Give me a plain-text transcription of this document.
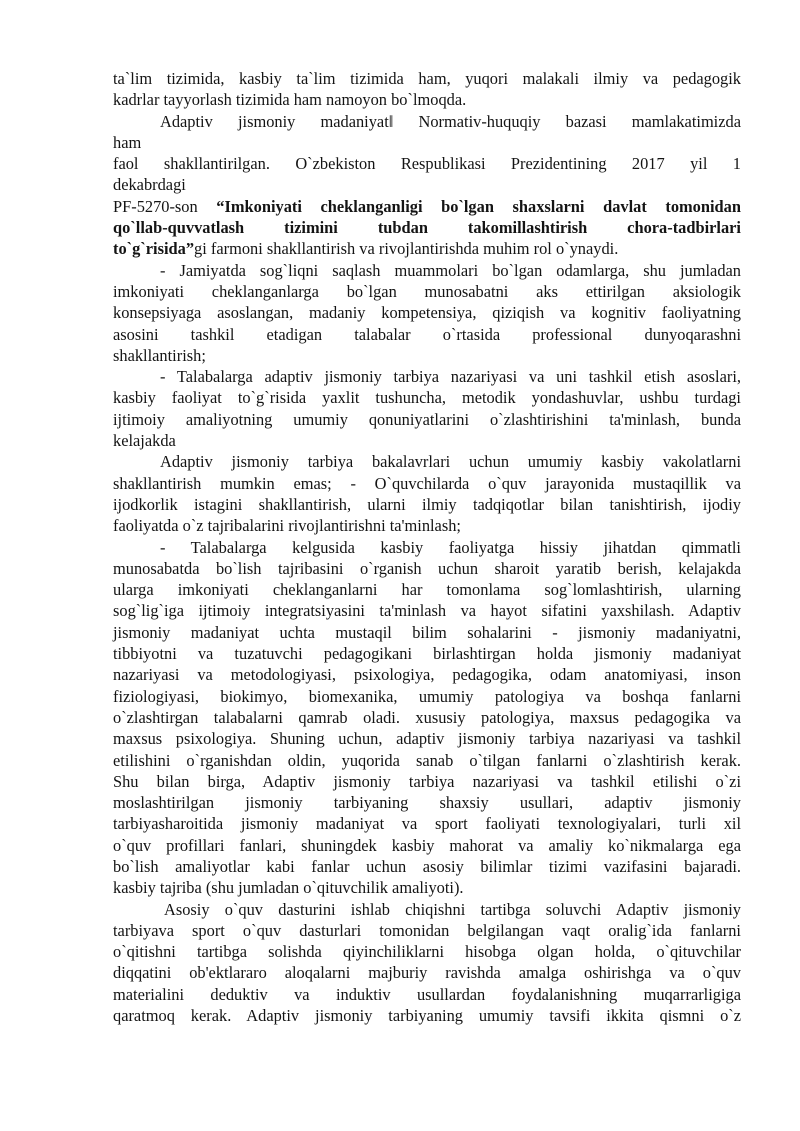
ta`lim tizimida, kasbiy ta`lim tizimida ham, yuqori malakali ilmiy va pedagogik
kadrlar tayyorlash tizimida ham namoyon bo`lmoqda.
Adaptiv jismoniy madaniyat‖ Normativ-huquqiy bazasi mamlakatimizda
ham
faol shakllantirilgan. O`zbekiston Respublikasi Prezidentining 2017 yil 1
dekabrdagi
PF-5270-son “Imkoniyati cheklanganligi bo`lgan shaxslarni davlat tomonidan
qo`llab-quvvatlash tizimini tubdan takomillashtirish chora-tadbirlari
to`g`risida”gi farmoni shakllantirish va rivojlantirishda muhim rol o`ynaydi.
- Jamiyatda sog`liqni saqlash muammolari bo`lgan odamlarga, shu jumladan
imkoniyati cheklanganlarga bo`lgan munosabatni aks ettirilgan aksiologik
konsepsiyaga asoslangan, madaniy kompetensiya, qiziqish va kognitiv faoliyatning
asosini tashkil etadigan talabalar o`rtasida professional dunyoqarashni
shakllantirish;
- Talabalarga adaptiv jismoniy tarbiya nazariyasi va uni tashkil etish asoslari,
kasbiy faoliyat to`g`risida yaxlit tushuncha, metodik yondashuvlar, ushbu turdagi
ijtimoiy amaliyotning umumiy qonuniyatlarini o`zlashtirishini ta'minlash, bunda
kelajakda
Adaptiv jismoniy tarbiya bakalavrlari uchun umumiy kasbiy vakolatlarni
shakllantirish mumkin emas; - O`quvchilarda o`quv jarayonida mustaqillik va
ijodkorlik istagini shakllantirish, ularni ilmiy tadqiqotlar bilan tanishtirish, ijodiy
faoliyatda o`z tajribalarini rivojlantirishni ta'minlash;
- Talabalarga kelgusida kasbiy faoliyatga hissiy jihatdan qimmatli
munosabatda bo`lish tajribasini o`rganish uchun sharoit yaratib berish, kelajakda
ularga imkoniyati cheklanganlarni har tomonlama sog`lomlashtirish, ularning
sog`lig`iga ijtimoiy integratsiyasini ta'minlash va hayot sifatini yaxshilash. Adaptiv
jismoniy madaniyat uchta mustaqil bilim sohalarini - jismoniy madaniyatni,
tibbiyotni va tuzatuvchi pedagogikani birlashtirgan holda jismoniy madaniyat
nazariyasi va metodologiyasi, psixologiya, pedagogika, odam anatomiyasi, inson
fiziologiyasi, biokimyo, biomexanika, umumiy patologiya va boshqa fanlarni
o`zlashtirgan talabalarni qamrab oladi. xususiy patologiya, maxsus pedagogika va
maxsus psixologiya. Shuning uchun, adaptiv jismoniy tarbiya nazariyasi va tashkil
etilishini o`rganishdan oldin, yuqorida sanab o`tilgan fanlarni o`zlashtirish kerak.
Shu bilan birga, Adaptiv jismoniy tarbiya nazariyasi va tashkil etilishi o`zi
moslashtirilgan jismoniy tarbiyaning shaxsiy usullari, adaptiv jismoniy
tarbiyasharoitida jismoniy madaniyat va sport faoliyati texnologiyalari, turli xil
o`quv profillari fanlari, shuningdek kasbiy mahorat va amaliy ko`nikmalarga ega
bo`lish amaliyotlar kabi fanlar uchun asosiy bilimlar tizimi vazifasini bajaradi.
kasbiy tajriba (shu jumladan o`qituvchilik amaliyoti).
Asosiy o`quv dasturini ishlab chiqishni tartibga soluvchi Adaptiv jismoniy
tarbiyava sport o`quv dasturlari tomonidan belgilangan vaqt oralig`ida fanlarni
o`qitishni tartibga solishda qiyinchiliklarni hisobga olgan holda, o`qituvchilar
diqqatini ob'ektlararo aloqalarni majburiy ravishda amalga oshirishga va o`quv
materialini deduktiv va induktiv usullardan foydalanishning muqarrarligiga
qaratmoq kerak. Adaptiv jismoniy tarbiyaning umumiy tavsifi ikkita qismni o`z
